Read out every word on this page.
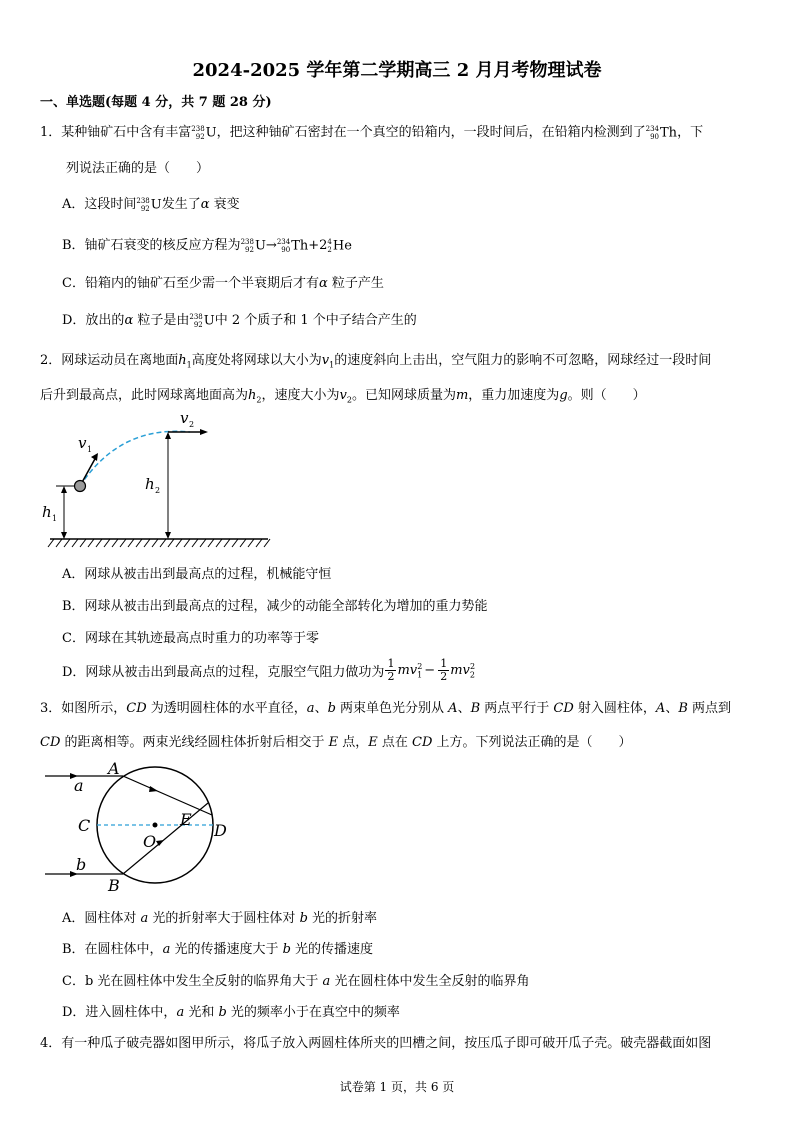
2024-2025 学年第二学期高三 2 月月考物理试卷
一、单选题(每题 4 分，共 7 题 28 分)
1．某种铀矿石中含有丰富 238
92 U，把这种铀矿石密封在一个真空的铅箱内，一段时间后，在铅箱内检测到了 234
90 Th，下
列说法正确的是（　　）
A．这段时间 238
92 U发生了α 衰变
B．铀矿石衰变的核反应方程为 238
92 U→ 234
90 Th+2 4
2 He
C．铅箱内的铀矿石至少需一个半衰期后才有α 粒子产生
D．放出的α 粒子是由 238
92 U中 2 个质子和 1 个中子结合产生的
2．网球运动员在离地面$h_1$高度处将网球以大小为$v_1$的速度斜向上击出，空气阻力的影响不可忽略，网球经过一段时间
后升到最高点，此时网球离地面高为$h_2$，速度大小为$v_2$。已知网球质量为m，重力加速度为g。则（　　）
h 1
v 1
v 2
h 2
A．网球从被击出到最高点的过程，机械能守恒
B．网球从被击出到最高点的过程，减少的动能全部转化为增加的重力势能
C．网球在其轨迹最高点时重力的功率等于零
D．网球从被击出到最高点的过程，克服空气阻力做功为 $\frac{1}{2} mv_1^2 - \frac{1}{2} mv_2^2$
3．如图所示，CD 为透明圆柱体的水平直径，a、b 两束单色光分别从 A、B 两点平行于 CD 射入圆柱体，A、B 两点到
CD 的距离相等。两束光线经圆柱体折射后相交于 E 点，E 点在 CD 上方。下列说法正确的是（　　）
A
B
C	D
E
O
a
b
A．圆柱体对 a 光的折射率大于圆柱体对 b 光的折射率
B．在圆柱体中，a 光的传播速度大于 b 光的传播速度
C．b 光在圆柱体中发生全反射的临界角大于 a 光在圆柱体中发生全反射的临界角
D．进入圆柱体中，a 光和 b 光的频率小于在真空中的频率
4．有一种瓜子破壳器如图甲所示，将瓜子放入两圆柱体所夹的凹槽之间，按压瓜子即可破开瓜子壳。破壳器截面如图
试卷第 1 页，共 6 页
